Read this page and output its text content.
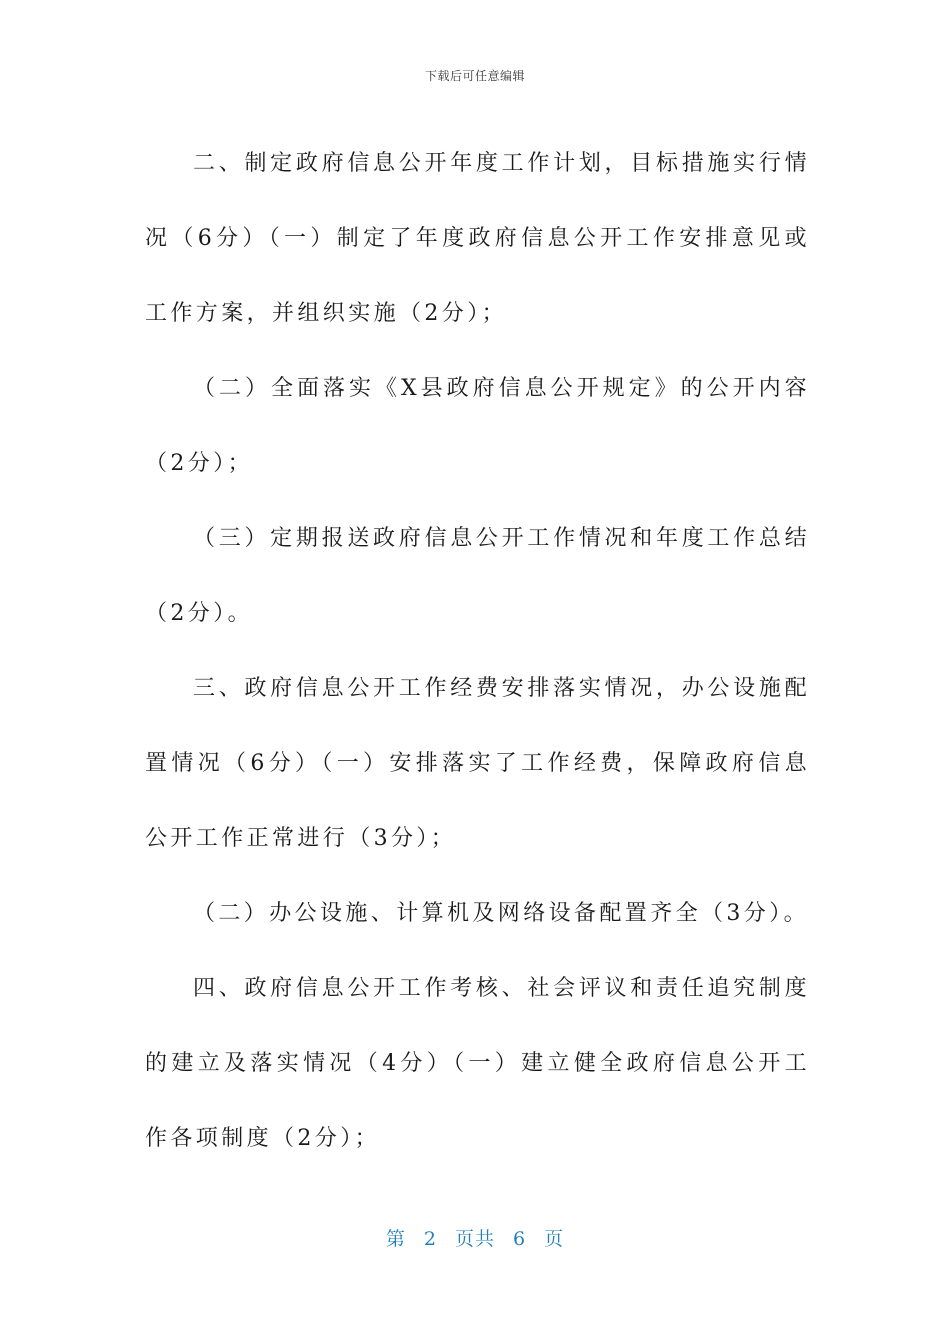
下载后可任意编辑

二、制定政府信息公开年度工作计划，目标措施实行情况（6分）（一）制定了年度政府信息公开工作安排意见或工作方案，并组织实施（2分）；

（二）全面落实《X县政府信息公开规定》的公开内容（2分）；

（三）定期报送政府信息公开工作情况和年度工作总结（2分）。

三、政府信息公开工作经费安排落实情况，办公设施配置情况（6分）（一）安排落实了工作经费，保障政府信息公开工作正常进行（3分）；

（二）办公设施、计算机及网络设备配置齐全（3分）。

四、政府信息公开工作考核、社会评议和责任追究制度的建立及落实情况（4分）（一）建立健全政府信息公开工作各项制度（2分）；

第 2 页共 6 页
